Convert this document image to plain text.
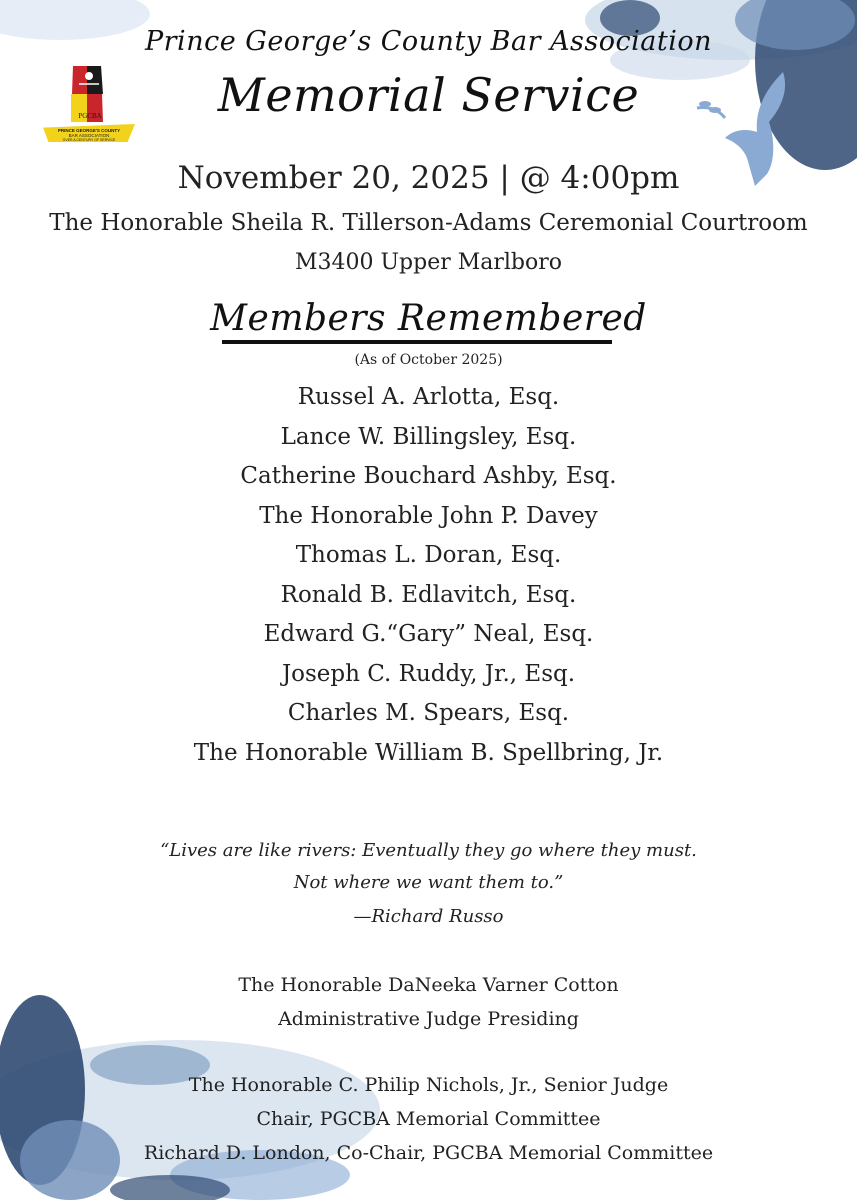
PGCBA
PRINCE GEORGE'S COUNTY
BAR ASSOCIATION
OVER A CENTURY OF SERVICE
Prince George’s County Bar Association
Memorial Service
November 20, 2025 | @ 4:00pm
The Honorable Sheila R. Tillerson-Adams Ceremonial Courtroom
M3400 Upper Marlboro
Members Remembered
(As of October 2025)
Russel A. Arlotta, Esq.
Lance W. Billingsley, Esq.
Catherine Bouchard Ashby, Esq.
The Honorable John P. Davey
Thomas L. Doran, Esq.
Ronald B. Edlavitch, Esq.
Edward G.“Gary” Neal, Esq.
Joseph C. Ruddy, Jr., Esq.
Charles M. Spears, Esq.
The Honorable William B. Spellbring, Jr.
“Lives are like rivers: Eventually they go where they must.
Not where we want them to.”
—Richard Russo
The Honorable DaNeeka Varner Cotton
Administrative Judge Presiding
The Honorable C. Philip Nichols, Jr., Senior Judge
Chair, PGCBA Memorial Committee
Richard D. London, Co-Chair, PGCBA Memorial Committee
